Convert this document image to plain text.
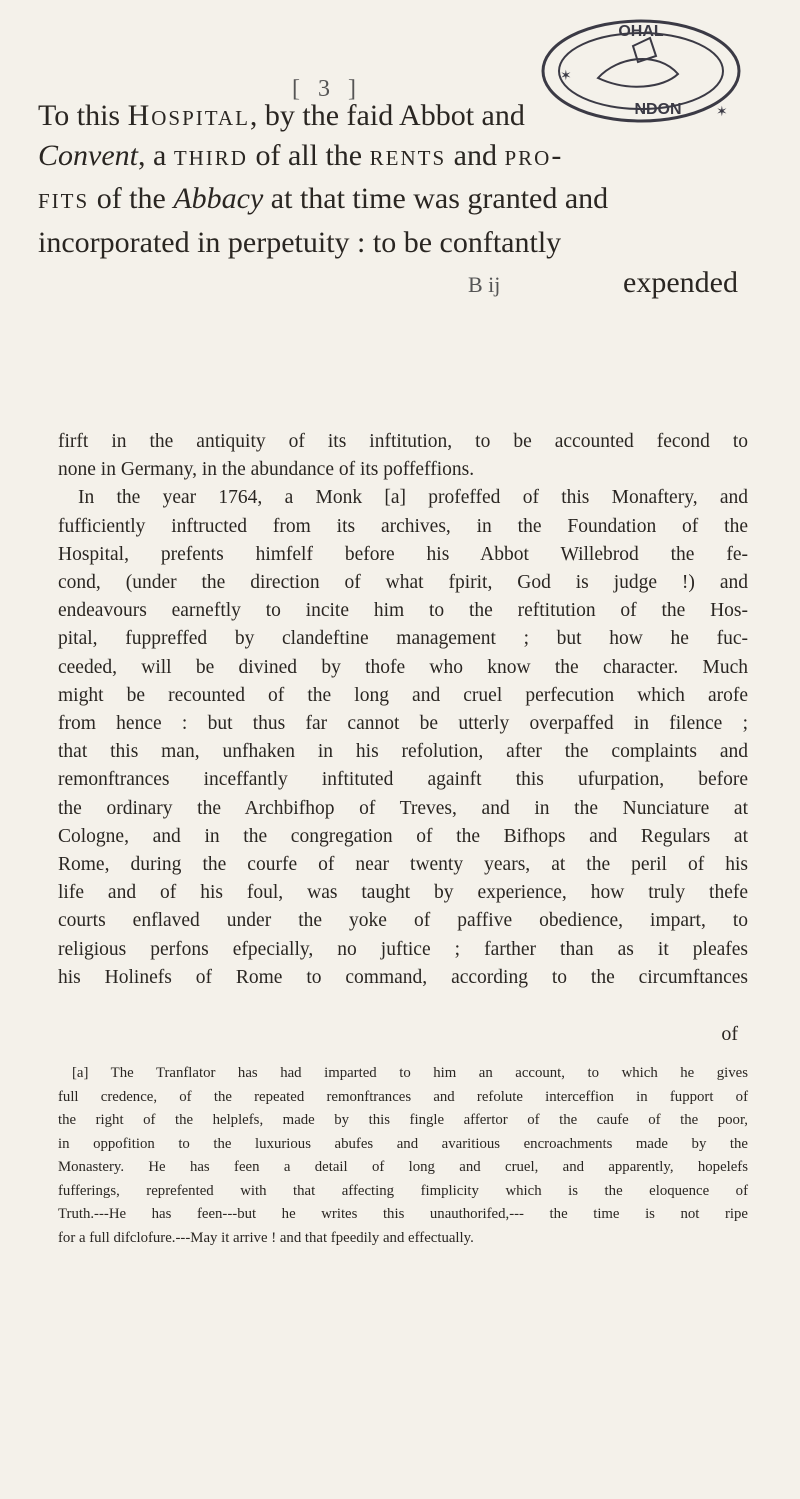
[ 3 ]
OHAL
NDON
✶
✶
To this Hospital, by the faid Abbot and
Convent, a third of all the rents and pro-
fits of the Abbacy at that time was granted and
incorporated in perpetuity : to be conftantly
B ij	expended

firft in the antiquity of its inftitution, to be accounted fecond to

none in Germany, in the abundance of its poffeffions.

In the year 1764, a Monk [a] profeffed of this Monaftery, and

fufficiently inftructed from its archives, in the Foundation of the

Hospital, prefents himfelf before his Abbot Willebrod the fe-

cond, (under the direction of what fpirit, God is judge !) and

endeavours earneftly to incite him to the reftitution of the Hos-

pital, fuppreffed by clandeftine management ; but how he fuc-

ceeded, will be divined by thofe who know the character. Much

might be recounted of the long and cruel perfecution which arofe

from hence : but thus far cannot be utterly overpaffed in filence ;

that this man, unfhaken in his refolution, after the complaints and

remonftrances inceffantly inftituted againft this ufurpation, before

the ordinary the Archbifhop of Treves, and in the Nunciature at

Cologne, and in the congregation of the Bifhops and Regulars at

Rome, during the courfe of near twenty years, at the peril of his

life and of his foul, was taught by experience, how truly thefe

courts enflaved under the yoke of paffive obedience, impart, to

religious perfons efpecially, no juftice ; farther than as it pleafes

his Holinefs of Rome to command, according to the circumftances

of

[a] The Tranflator has had imparted to him an account, to which he gives

full credence, of the repeated remonftrances and refolute interceffion in fupport of

the right of the helplefs, made by this fingle affertor of the caufe of the poor,

in oppofition to the luxurious abufes and avaritious encroachments made by the

Monastery. He has feen a detail of long and cruel, and apparently, hopelefs

fufferings, reprefented with that affecting fimplicity which is the eloquence of

Truth.---He has feen---but he writes this unauthorifed,--- the time is not ripe

for a full difclofure.---May it arrive ! and that fpeedily and effectually.
